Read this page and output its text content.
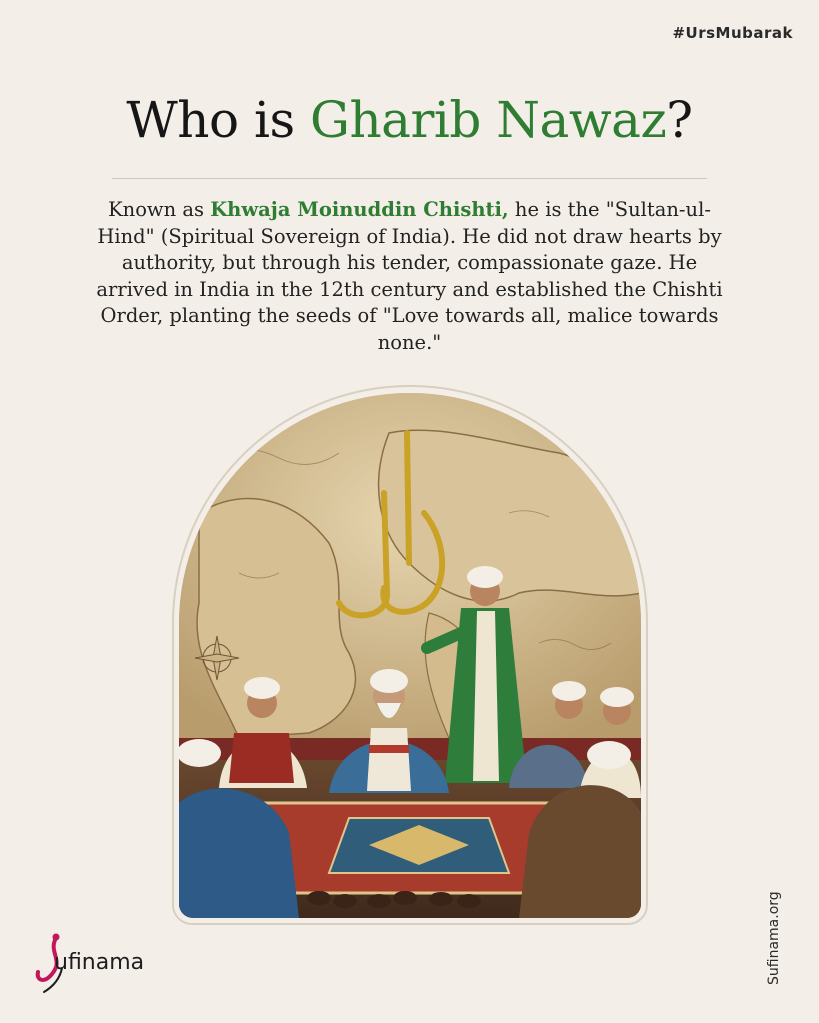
#UrsMubarak
Who is Gharib Nawaz?

Known as Khwaja Moinuddin Chishti, he is the "Sultan-ul-Hind" (Spiritual Sovereign of India). He did not draw hearts by authority, but through his tender, compassionate gaze. He arrived in India in the 12th century and established the Chishti Order, planting the seeds of "Love towards all, malice towards none."

ufinama	Sufinama.org
